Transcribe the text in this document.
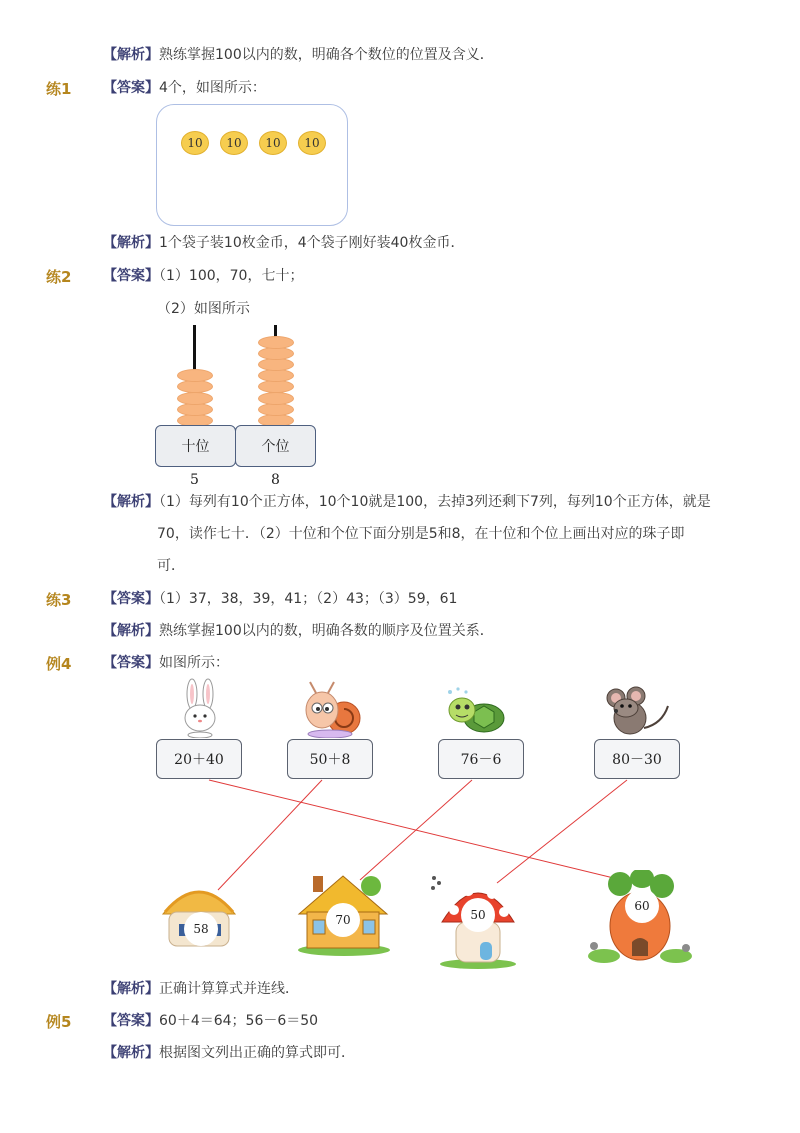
【解析】熟练掌握100以内的数，明确各个数位的位置及含义．
练1 【答案】4个，如图所示：
10	10	10	10
【解析】1个袋子装10枚金币，4个袋子刚好装40枚金币．
练2 【答案】（1）100，70，七十；
（2）如图所示
十位	个位
5	8
【解析】（1）每列有10个正方体，10个10就是100，去掉3列还剩下7列，每列10个正方体，就是
70，读作七十．（2）十位和个位下面分别是5和8，在十位和个位上画出对应的珠子即
可．
练3 【答案】（1）37，38，39，41；（2）43；（3）59，61
【解析】熟练掌握100以内的数，明确各数的顺序及位置关系．
例4 【答案】如图所示：
20＋40	50＋8	76－6	80－30
58
70	50
60
【解析】正确计算算式并连线．
例5 【答案】60＋4＝64；56－6＝50
【解析】根据图文列出正确的算式即可．
